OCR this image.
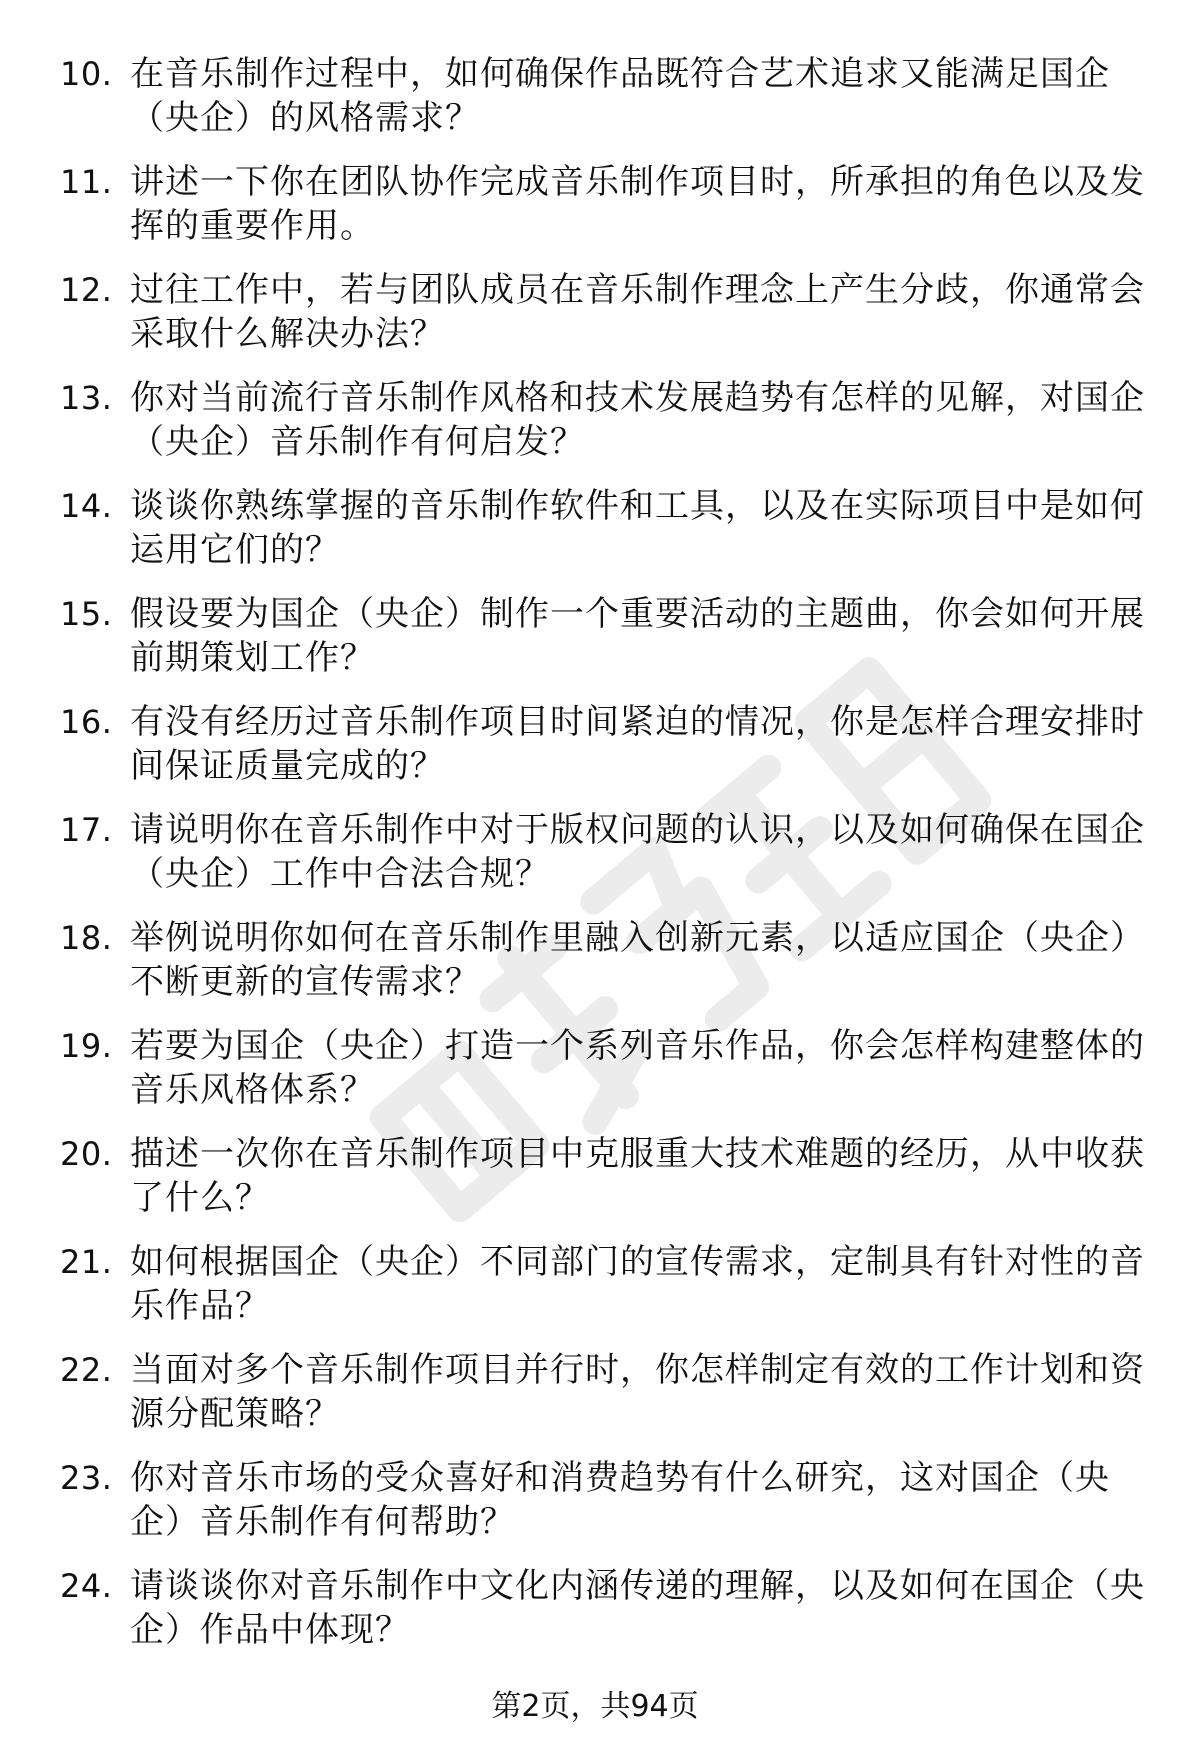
10. 在音乐制作过程中，如何确保作品既符合艺术追求又能满足国企（央企）的风格需求？
11. 讲述一下你在团队协作完成音乐制作项目时，所承担的角色以及发挥的重要作用。
12. 过往工作中，若与团队成员在音乐制作理念上产生分歧，你通常会采取什么解决办法？
13. 你对当前流行音乐制作风格和技术发展趋势有怎样的见解，对国企（央企）音乐制作有何启发？
14. 谈谈你熟练掌握的音乐制作软件和工具，以及在实际项目中是如何运用它们的？
15. 假设要为国企（央企）制作一个重要活动的主题曲，你会如何开展前期策划工作？
16. 有没有经历过音乐制作项目时间紧迫的情况，你是怎样合理安排时间保证质量完成的？
17. 请说明你在音乐制作中对于版权问题的认识，以及如何确保在国企（央企）工作中合法合规？
18. 举例说明你如何在音乐制作里融入创新元素，以适应国企（央企）不断更新的宣传需求？
19. 若要为国企（央企）打造一个系列音乐作品，你会怎样构建整体的音乐风格体系？
20. 描述一次你在音乐制作项目中克服重大技术难题的经历，从中收获了什么？
21. 如何根据国企（央企）不同部门的宣传需求，定制具有针对性的音乐作品？
22. 当面对多个音乐制作项目并行时，你怎样制定有效的工作计划和资源分配策略？
23. 你对音乐市场的受众喜好和消费趋势有什么研究，这对国企（央企）音乐制作有何帮助？
24. 请谈谈你对音乐制作中文化内涵传递的理解，以及如何在国企（央企）作品中体现？
第2页，共94页
